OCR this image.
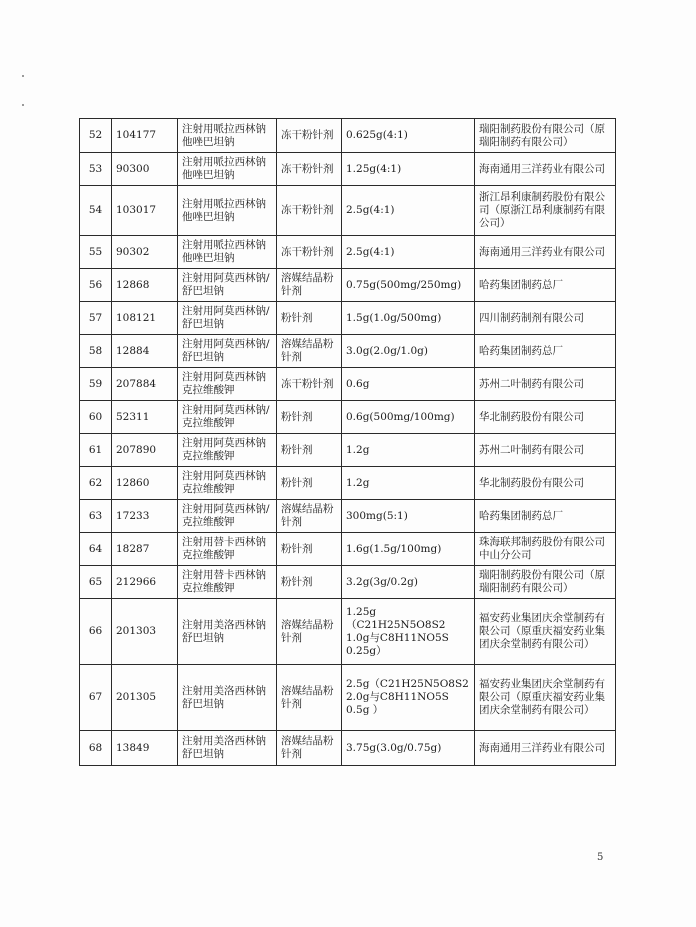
52	104177	注射用哌拉西林钠他唑巴坦钠	冻干粉针剂	0.625g(4:1)	瑞阳制药股份有限公司（原瑞阳制药有限公司）
53	90300	注射用哌拉西林钠他唑巴坦钠	冻干粉针剂	1.25g(4:1)	海南通用三洋药业有限公司
54	103017	注射用哌拉西林钠他唑巴坦钠	冻干粉针剂	2.5g(4:1)	浙江昂利康制药股份有限公司（原浙江昂利康制药有限公司）
55	90302	注射用哌拉西林钠他唑巴坦钠	冻干粉针剂	2.5g(4:1)	海南通用三洋药业有限公司
56	12868	注射用阿莫西林钠/舒巴坦钠	溶媒结晶粉针剂	0.75g(500mg/250mg)	哈药集团制药总厂
57	108121	注射用阿莫西林钠/舒巴坦钠	粉针剂	1.5g(1.0g/500mg)	四川制药制剂有限公司
58	12884	注射用阿莫西林钠/舒巴坦钠	溶媒结晶粉针剂	3.0g(2.0g/1.0g)	哈药集团制药总厂
59	207884	注射用阿莫西林钠克拉维酸钾	冻干粉针剂	0.6g	苏州二叶制药有限公司
60	52311	注射用阿莫西林钠/克拉维酸钾	粉针剂	0.6g(500mg/100mg)	华北制药股份有限公司
61	207890	注射用阿莫西林钠克拉维酸钾	粉针剂	1.2g	苏州二叶制药有限公司
62	12860	注射用阿莫西林钠克拉维酸钾	粉针剂	1.2g	华北制药股份有限公司
63	17233	注射用阿莫西林钠/克拉维酸钾	溶媒结晶粉针剂	300mg(5:1)	哈药集团制药总厂
64	18287	注射用替卡西林钠克拉维酸钾	粉针剂	1.6g(1.5g/100mg)	珠海联邦制药股份有限公司中山分公司
65	212966	注射用替卡西林钠克拉维酸钾	粉针剂	3.2g(3g/0.2g)	瑞阳制药股份有限公司（原瑞阳制药有限公司）
66	201303	注射用美洛西林钠舒巴坦钠	溶媒结晶粉针剂	1.25g（C21H25N5O8S2 1.0g与C8H11NO5S 0.25g）	福安药业集团庆余堂制药有限公司（原重庆福安药业集团庆余堂制药有限公司）
67	201305	注射用美洛西林钠舒巴坦钠	溶媒结晶粉针剂	2.5g（C21H25N5O8S2 2.0g与C8H11NO5S 0.5g ）	福安药业集团庆余堂制药有限公司（原重庆福安药业集团庆余堂制药有限公司）
68	13849	注射用美洛西林钠舒巴坦钠	溶媒结晶粉针剂	3.75g(3.0g/0.75g)	海南通用三洋药业有限公司
5
